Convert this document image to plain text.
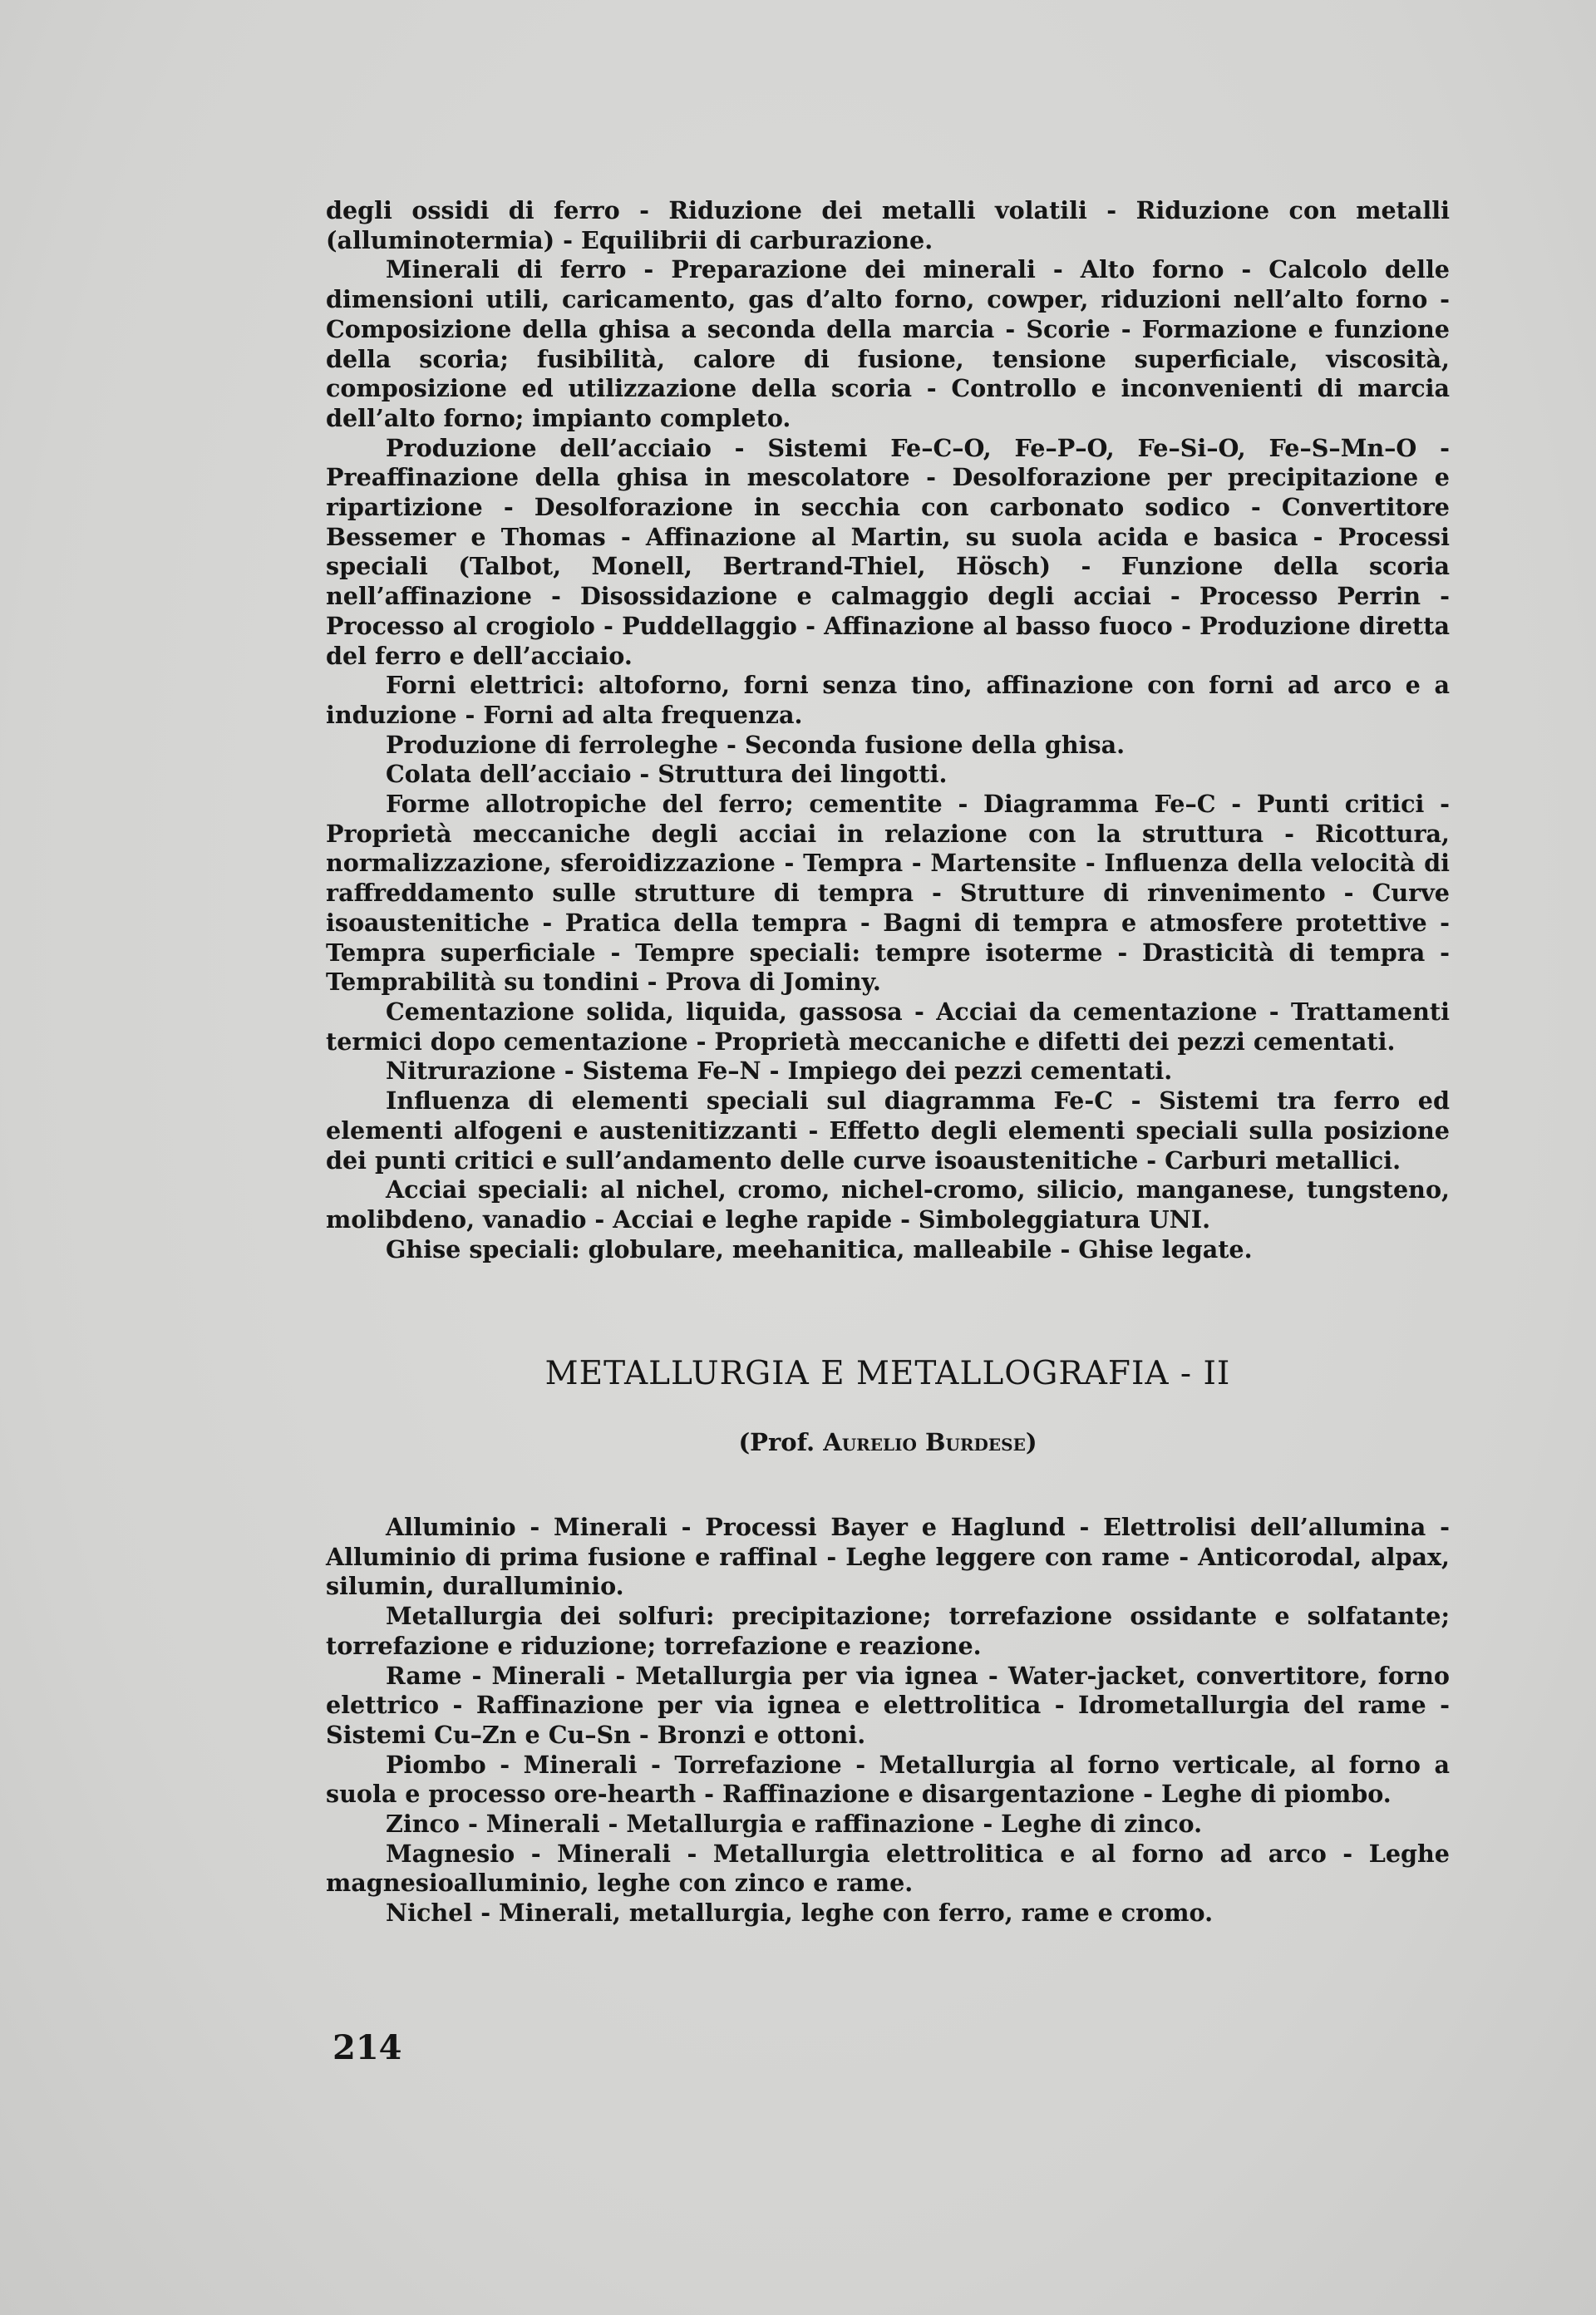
degli ossidi di ferro - Riduzione dei metalli volatili - Riduzione con metalli (alluminotermia) - Equilibrii di carburazione.

Minerali di ferro - Preparazione dei minerali - Alto forno - Calcolo delle dimensioni utili, caricamento, gas d’alto forno, cowper, riduzioni nell’alto forno - Composizione della ghisa a seconda della marcia - Scorie - Formazione e funzione della scoria; fusibilità, calore di fusione, tensione superficiale, viscosità, composizione ed utilizzazione della scoria - Controllo e inconvenienti di marcia dell’alto forno; impianto completo.

Produzione dell’acciaio - Sistemi Fe–C–O, Fe–P–O, Fe–Si–O, Fe–S–Mn–O - Preaffinazione della ghisa in mescolatore - Desolforazione per precipitazione e ripartizione - Desolforazione in secchia con carbonato sodico - Convertitore Bessemer e Thomas - Affinazione al Martin, su suola acida e basica - Processi speciali (Talbot, Monell, Bertrand-Thiel, Hösch) - Funzione della scoria nell’affinazione - Disossidazione e calmaggio degli acciai - Processo Perrin - Processo al crogiolo - Puddellaggio - Affinazione al basso fuoco - Produzione diretta del ferro e dell’acciaio.

Forni elettrici: altoforno, forni senza tino, affinazione con forni ad arco e a induzione - Forni ad alta frequenza.

Produzione di ferroleghe - Seconda fusione della ghisa.

Colata dell’acciaio - Struttura dei lingotti.

Forme allotropiche del ferro; cementite - Diagramma Fe–C - Punti critici - Proprietà meccaniche degli acciai in relazione con la struttura - Ricottura, normalizzazione, sferoidizzazione - Tempra - Martensite - Influenza della velocità di raffreddamento sulle strutture di tempra - Strutture di rinvenimento - Curve isoaustenitiche - Pratica della tempra - Bagni di tempra e atmosfere protettive - Tempra superficiale - Tempre speciali: tempre isoterme - Drasticità di tempra - Temprabilità su tondini - Prova di Jominy.

Cementazione solida, liquida, gassosa - Acciai da cementazione - Trattamenti termici dopo cementazione - Proprietà meccaniche e difetti dei pezzi cementati.

Nitrurazione - Sistema Fe–N - Impiego dei pezzi cementati.

Influenza di elementi speciali sul diagramma Fe-C - Sistemi tra ferro ed elementi alfogeni e austenitizzanti - Effetto degli elementi speciali sulla posizione dei punti critici e sull’andamento delle curve isoaustenitiche - Carburi metallici.

Acciai speciali: al nichel, cromo, nichel-cromo, silicio, manganese, tungsteno, molibdeno, vanadio - Acciai e leghe rapide - Simboleggiatura UNI.

Ghise speciali: globulare, meehanitica, malleabile - Ghise legate.

METALLURGIA E METALLOGRAFIA - II

(Prof. Aurelio Burdese)

Alluminio - Minerali - Processi Bayer e Haglund - Elettrolisi dell’allumina - Alluminio di prima fusione e raffinal - Leghe leggere con rame - Anticorodal, alpax, silumin, duralluminio.

Metallurgia dei solfuri: precipitazione; torrefazione ossidante e solfatante; torrefazione e riduzione; torrefazione e reazione.

Rame - Minerali - Metallurgia per via ignea - Water-jacket, convertitore, forno elettrico - Raffinazione per via ignea e elettrolitica - Idrometallurgia del rame - Sistemi Cu–Zn e Cu–Sn - Bronzi e ottoni.

Piombo - Minerali - Torrefazione - Metallurgia al forno verticale, al forno a suola e processo ore-hearth - Raffinazione e disargentazione - Leghe di piombo.

Zinco - Minerali - Metallurgia e raffinazione - Leghe di zinco.

Magnesio - Minerali - Metallurgia elettrolitica e al forno ad arco - Leghe magnesioalluminio, leghe con zinco e rame.

Nichel - Minerali, metallurgia, leghe con ferro, rame e cromo.

214
